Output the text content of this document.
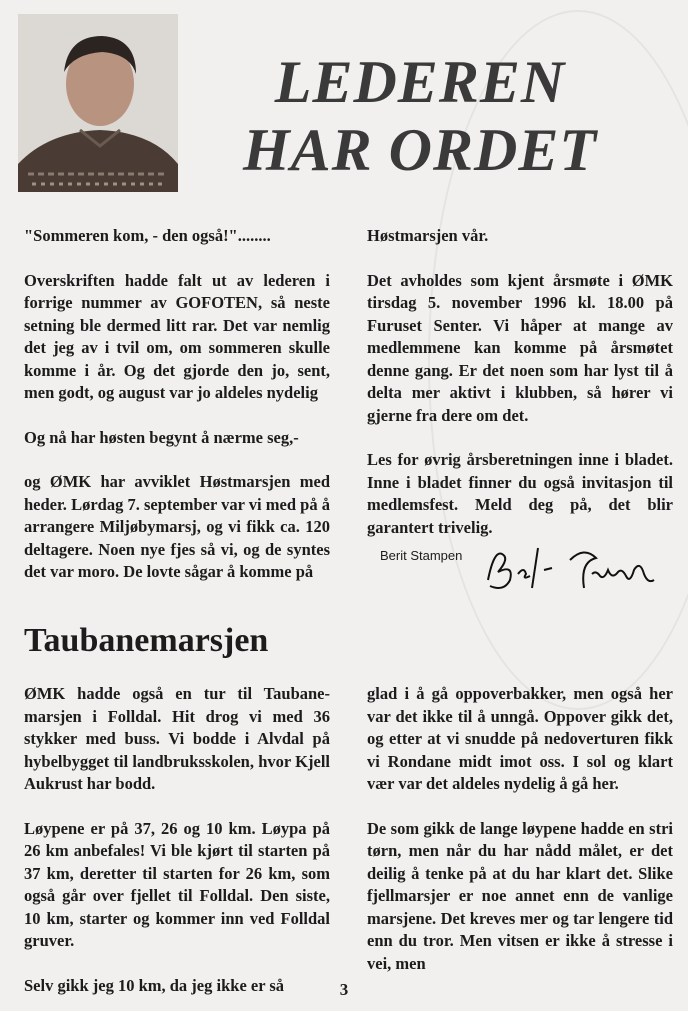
LEDEREN
HAR ORDET

"Sommeren kom, - den også!"........

Overskriften hadde falt ut av lederen i forrige nummer av GOFOTEN, så neste setning ble dermed litt rar. Det var nemlig det jeg av i tvil om, om sommeren skulle komme i år. Og det gjorde den jo, sent, men godt, og august var jo aldeles nydelig

Og nå har høsten begynt å nærme seg,-

og ØMK har avviklet Høstmarsjen med heder. Lørdag 7. september var vi med på å arrangere Miljøbymarsj, og vi fikk ca. 120 deltagere. Noen nye fjes så vi, og de syntes det var moro. De lovte sågar å komme på

Høstmarsjen vår.

Det avholdes som kjent årsmøte i ØMK tirsdag 5. november 1996 kl. 18.00 på Furuset Senter. Vi håper at mange av medlemmene kan komme på årsmøtet denne gang. Er det noen som har lyst til å delta mer aktivt i klubben, så hører vi gjerne fra dere om det.

Les for øvrig årsberetningen inne i bladet. Inne i bladet finner du også invitasjon til medlemsfest. Meld deg på, det blir garantert trivelig.

Berit Stampen
Taubanemarsjen

ØMK hadde også en tur til Taubane-marsjen i Folldal. Hit drog vi med 36 stykker med buss. Vi bodde i Alvdal på hybelbygget til landbruksskolen, hvor Kjell Aukrust har bodd.

Løypene er på 37, 26 og 10 km. Løypa på 26 km anbefales! Vi ble kjørt til starten på 37 km, deretter til starten for 26 km, som også går over fjellet til Folldal. Den siste, 10 km, starter og kommer inn ved Folldal gruver.

Selv gikk jeg 10 km, da jeg ikke er så

glad i å gå oppoverbakker, men også her var det ikke til å unngå. Oppover gikk det, og etter at vi snudde på nedoverturen fikk vi Rondane midt imot oss. I sol og klart vær var det aldeles nydelig å gå her.

De som gikk de lange løypene hadde en stri tørn, men når du har nådd målet, er det deilig å tenke på at du har klart det. Slike fjellmarsjer er noe annet enn de vanlige marsjene. Det kreves mer og tar lengere tid enn du tror. Men vitsen er ikke å stresse i vei, men

3
